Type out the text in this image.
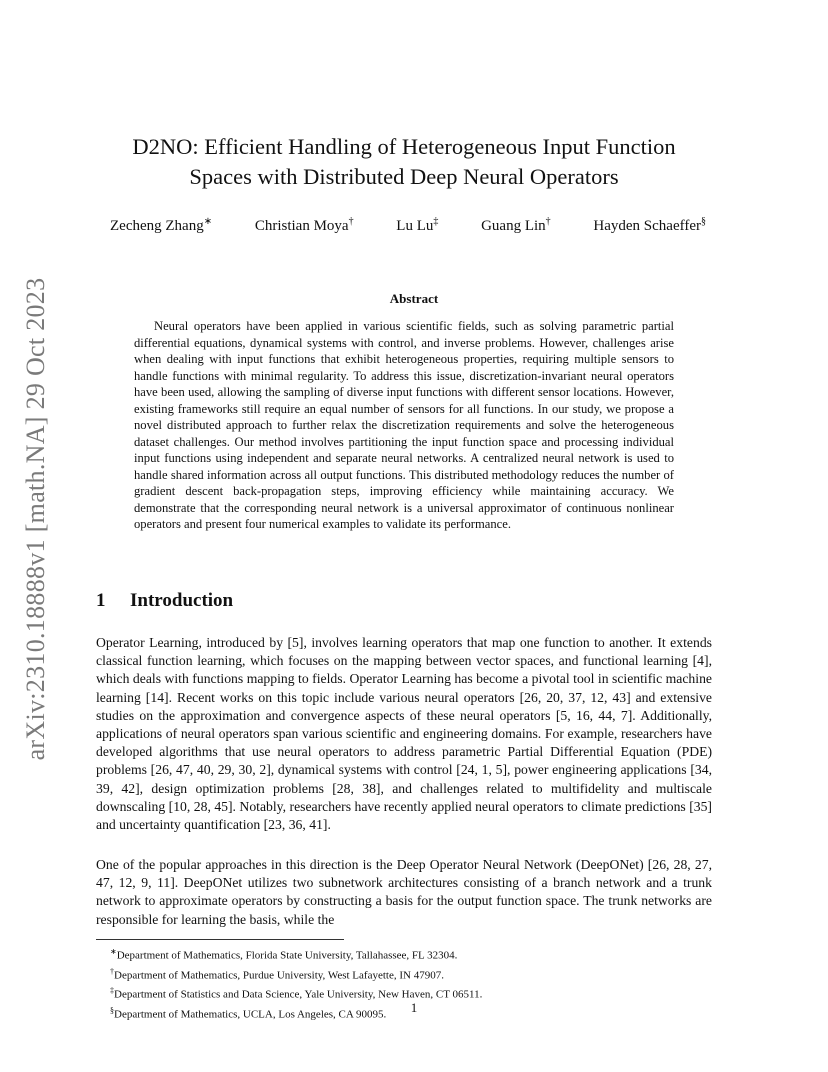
arXiv:2310.18888v1 [math.NA] 29 Oct 2023
D2NO: Efficient Handling of Heterogeneous Input Function
Spaces with Distributed Deep Neural Operators
Zecheng Zhang∗	Christian Moya†	Lu Lu‡	Guang Lin†	Hayden Schaeffer§
Abstract

Neural operators have been applied in various scientific fields, such as solving parametric partial differential equations, dynamical systems with control, and inverse problems. However, challenges arise when dealing with input functions that exhibit heterogeneous properties, requiring multiple sensors to handle functions with minimal regularity. To address this issue, discretization-invariant neural operators have been used, allowing the sampling of diverse input functions with different sensor locations. However, existing frameworks still require an equal number of sensors for all functions. In our study, we propose a novel distributed approach to further relax the discretization requirements and solve the heterogeneous dataset challenges. Our method involves partitioning the input function space and processing individual input functions using independent and separate neural networks. A centralized neural network is used to handle shared information across all output functions. This distributed methodology reduces the number of gradient descent back-propagation steps, improving efficiency while maintaining accuracy. We demonstrate that the corresponding neural network is a universal approximator of continuous nonlinear operators and present four numerical examples to validate its performance.

1 Introduction

Operator Learning, introduced by [5], involves learning operators that map one function to another. It extends classical function learning, which focuses on the mapping between vector spaces, and functional learning [4], which deals with functions mapping to fields. Operator Learning has become a pivotal tool in scientific machine learning [14]. Recent works on this topic include various neural operators [26, 20, 37, 12, 43] and extensive studies on the approximation and convergence aspects of these neural operators [5, 16, 44, 7]. Additionally, applications of neural operators span various scientific and engineering domains. For example, researchers have developed algorithms that use neural operators to address parametric Partial Differential Equation (PDE) problems [26, 47, 40, 29, 30, 2], dynamical systems with control [24, 1, 5], power engineering applications [34, 39, 42], design optimization problems [28, 38], and challenges related to multifidelity and multiscale downscaling [10, 28, 45]. Notably, researchers have recently applied neural operators to climate predictions [35] and uncertainty quantification [23, 36, 41].

One of the popular approaches in this direction is the Deep Operator Neural Network (DeepONet) [26, 28, 27, 47, 12, 9, 11]. DeepONet utilizes two subnetwork architectures consisting of a branch network and a trunk network to approximate operators by constructing a basis for the output function space. The trunk networks are responsible for learning the basis, while the

∗Department of Mathematics, Florida State University, Tallahassee, FL 32304.
†Department of Mathematics, Purdue University, West Lafayette, IN 47907.
‡Department of Statistics and Data Science, Yale University, New Haven, CT 06511.
§Department of Mathematics, UCLA, Los Angeles, CA 90095.	1
